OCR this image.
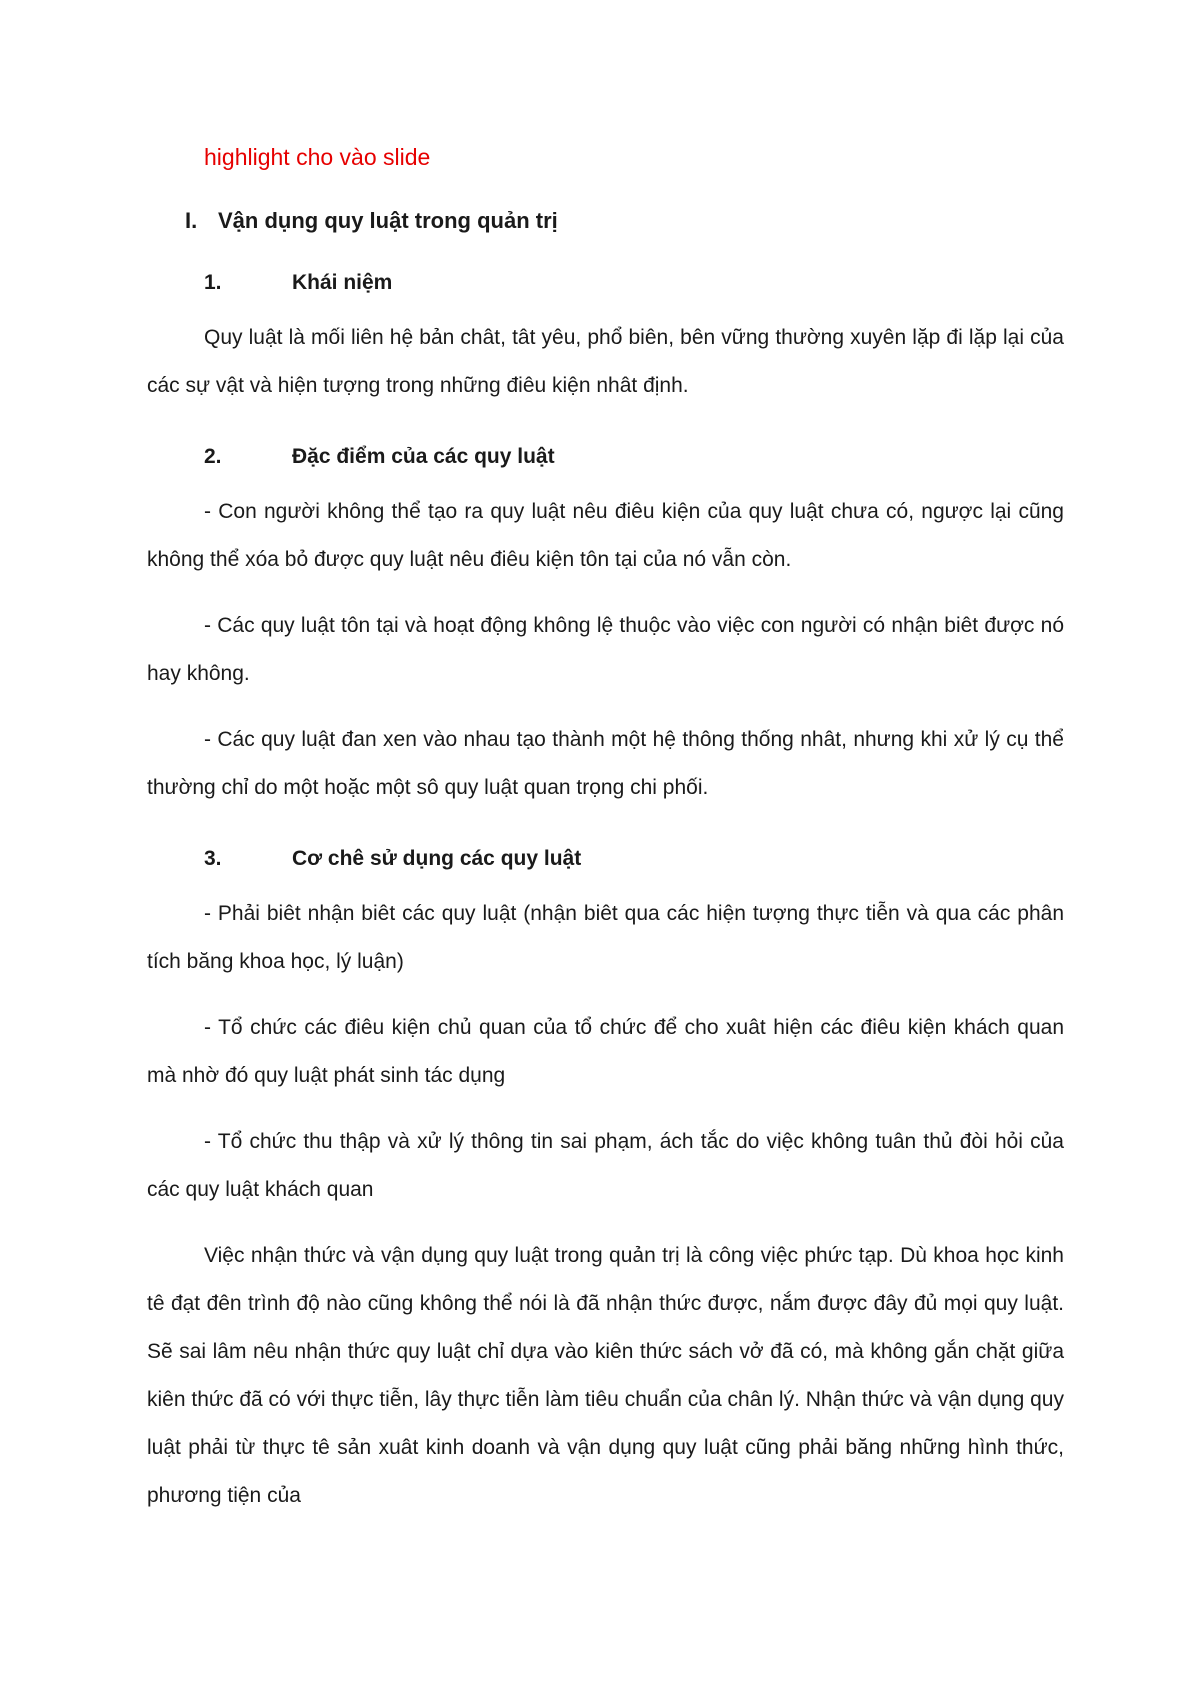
highlight cho vào slide
I. Vận dụng quy luật trong quản trị
1.	Khái niệm

Quy luật là mối liên hệ bản chât, tât yêu, phổ biên, bên vững thường xuyên lặp đi lặp lại của các sự vật và hiện tượng trong những điêu kiện nhât định.

2.	Đặc điểm của các quy luật

- Con người không thể tạo ra quy luật nêu điêu kiện của quy luật chưa có, ngược lại cũng không thể xóa bỏ được quy luật nêu điêu kiện tôn tại của nó vẫn còn.

- Các quy luật tôn tại và hoạt động không lệ thuộc vào việc con người có nhận biêt được nó hay không.

- Các quy luật đan xen vào nhau tạo thành một hệ thông thống nhât, nhưng khi xử lý cụ thể thường chỉ do một hoặc một sô quy luật quan trọng chi phối.

3.	Cơ chê sử dụng các quy luật

- Phải biêt nhận biêt các quy luật (nhận biêt qua các hiện tượng thực tiễn và qua các phân tích băng khoa học, lý luận)

- Tổ chức các điêu kiện chủ quan của tổ chức để cho xuât hiện các điêu kiện khách quan mà nhờ đó quy luật phát sinh tác dụng

- Tổ chức thu thập và xử lý thông tin sai phạm, ách tắc do việc không tuân thủ đòi hỏi của các quy luật khách quan

Việc nhận thức và vận dụng quy luật trong quản trị là công việc phức tạp. Dù khoa học kinh tê đạt đên trình độ nào cũng không thể nói là đã nhận thức được, nắm được đây đủ mọi quy luật. Sẽ sai lâm nêu nhận thức quy luật chỉ dựa vào kiên thức sách vở đã có, mà không gắn chặt giữa kiên thức đã có với thực tiễn, lây thực tiễn làm tiêu chuẩn của chân lý. Nhận thức và vận dụng quy luật phải từ thực tê sản xuât kinh doanh và vận dụng quy luật cũng phải băng những hình thức, phương tiện của
